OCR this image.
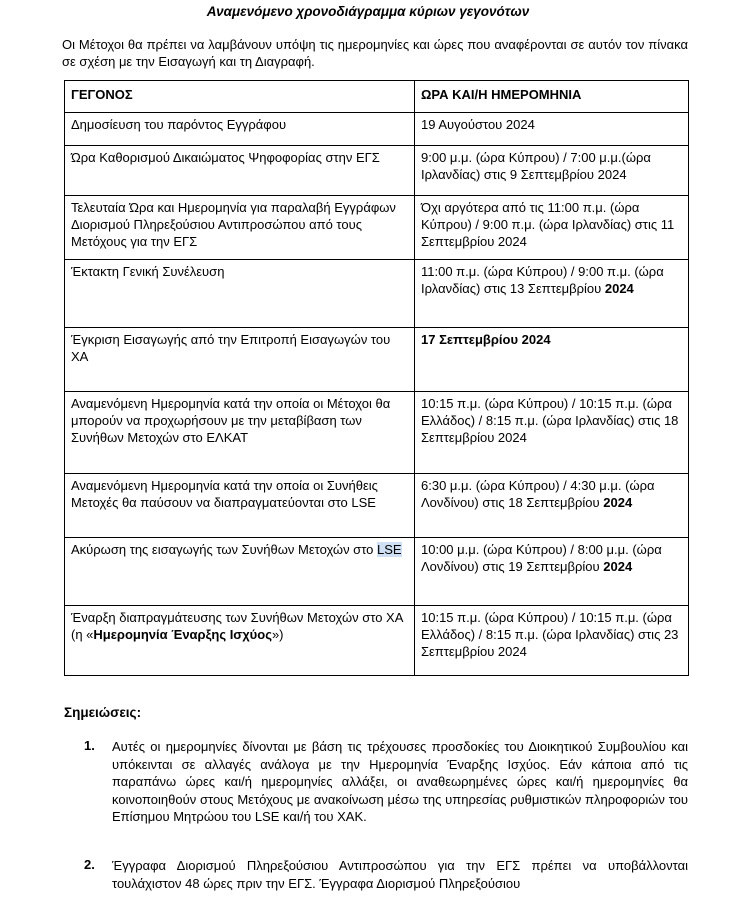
Αναμενόμενο χρονοδιάγραμμα κύριων γεγονότων
Οι Μέτοχοι θα πρέπει να λαμβάνουν υπόψη τις ημερομηνίες και ώρες που αναφέρονται σε αυτόν τον πίνακα σε σχέση με την Εισαγωγή και τη Διαγραφή.
ΓΕΓΟΝΟΣ	ΩΡΑ ΚΑΙ/Η ΗΜΕΡΟΜΗΝΙΑ
Δημοσίευση του παρόντος Εγγράφου	19 Αυγούστου 2024
Ώρα Καθορισμού Δικαιώματος Ψηφοφορίας στην ΕΓΣ	9:00 μ.μ. (ώρα Κύπρου) / 7:00 μ.μ.(ώρα Ιρλανδίας) στις 9 Σεπτεμβρίου 2024
Τελευταία Ώρα και Ημερομηνία για παραλαβή Εγγράφων Διορισμού Πληρεξούσιου Αντιπροσώπου από τους Μετόχους για την ΕΓΣ	Όχι αργότερα από τις 11:00 π.μ. (ώρα Κύπρου) / 9:00 π.μ. (ώρα Ιρλανδίας) στις 11 Σεπτεμβρίου 2024
Έκτακτη Γενική Συνέλευση	11:00 π.μ. (ώρα Κύπρου) / 9:00 π.μ. (ώρα Ιρλανδίας) στις 13 Σεπτεμβρίου 2024
Έγκριση Εισαγωγής από την Επιτροπή Εισαγωγών του ΧΑ	17 Σεπτεμβρίου 2024
Αναμενόμενη Ημερομηνία κατά την οποία οι Μέτοχοι θα μπορούν να προχωρήσουν με την μεταβίβαση των Συνήθων Μετοχών στο ΕΛΚΑΤ	10:15 π.μ. (ώρα Κύπρου) / 10:15 π.μ. (ώρα Ελλάδος) / 8:15 π.μ. (ώρα Ιρλανδίας) στις 18 Σεπτεμβρίου 2024
Αναμενόμενη Ημερομηνία κατά την οποία οι Συνήθεις Μετοχές θα παύσουν να διαπραγματεύονται στο LSE	6:30 μ.μ. (ώρα Κύπρου) / 4:30 μ.μ. (ώρα Λονδίνου) στις 18 Σεπτεμβρίου 2024
Ακύρωση της εισαγωγής των Συνήθων Μετοχών στο LSE	10:00 μ.μ. (ώρα Κύπρου) / 8:00 μ.μ. (ώρα Λονδίνου) στις 19 Σεπτεμβρίου 2024
Έναρξη διαπραγμάτευσης των Συνήθων Μετοχών στο ΧΑ (η «Ημερομηνία Έναρξης Ισχύος»)	10:15 π.μ. (ώρα Κύπρου) / 10:15 π.μ. (ώρα Ελλάδος) / 8:15 π.μ. (ώρα Ιρλανδίας) στις 23 Σεπτεμβρίου 2024
Σημειώσεις:
1. Αυτές οι ημερομηνίες δίνονται με βάση τις τρέχουσες προσδοκίες του Διοικητικού Συμβουλίου και υπόκεινται σε αλλαγές ανάλογα με την Ημερομηνία Έναρξης Ισχύος. Εάν κάποια από τις παραπάνω ώρες και/ή ημερομηνίες αλλάξει, οι αναθεωρημένες ώρες και/ή ημερομηνίες θα κοινοποιηθούν στους Μετόχους με ανακοίνωση μέσω της υπηρεσίας ρυθμιστικών πληροφοριών του Επίσημου Μητρώου του LSE και/ή του ΧΑΚ.
2. Έγγραφα Διορισμού Πληρεξούσιου Αντιπροσώπου για την ΕΓΣ πρέπει να υποβάλλονται τουλάχιστον 48 ώρες πριν την ΕΓΣ. Έγγραφα Διορισμού Πληρεξούσιου
